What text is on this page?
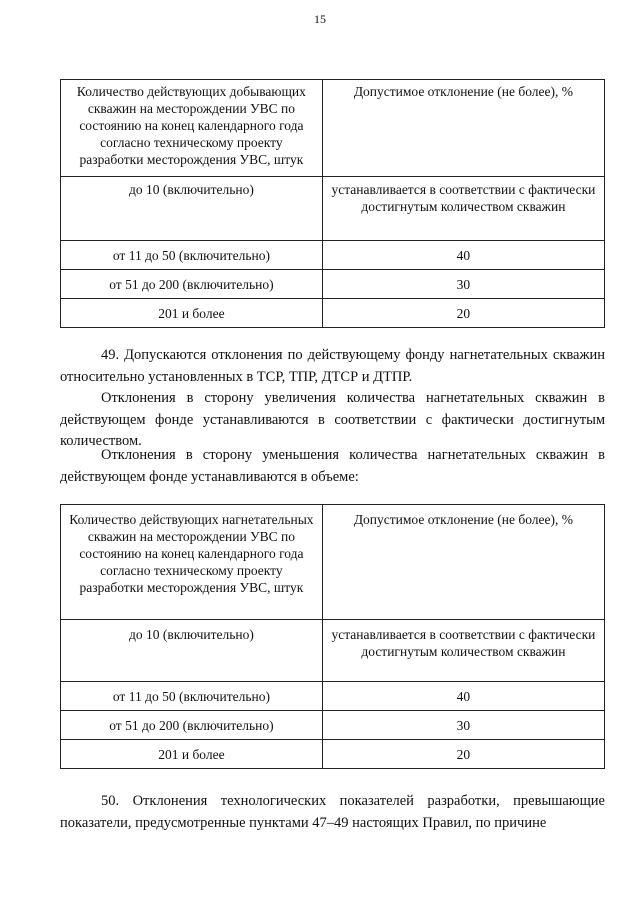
15
Количество действующих добывающих скважин на месторождении УВС по состоянию на конец календарного года согласно техническому проекту разработки месторождения УВС, штук	Допустимое отклонение (не более), %
до 10 (включительно)	устанавливается в соответствии с фактически достигнутым количеством скважин
от 11 до 50 (включительно)	40
от 51 до 200 (включительно)	30
201 и более	20

49. Допускаются отклонения по действующему фонду нагнетательных скважин относительно установленных в ТСР, ТПР, ДТСР и ДТПР.

Отклонения в сторону увеличения количества нагнетательных скважин в действующем фонде устанавливаются в соответствии с фактически достигнутым количеством.

Отклонения в сторону уменьшения количества нагнетательных скважин в действующем фонде устанавливаются в объеме:

Количество действующих нагнетательных скважин на месторождении УВС по состоянию на конец календарного года согласно техническому проекту разработки месторождения УВС, штук	Допустимое отклонение (не более), %
до 10 (включительно)	устанавливается в соответствии с фактически достигнутым количеством скважин
от 11 до 50 (включительно)	40
от 51 до 200 (включительно)	30
201 и более	20

50. Отклонения технологических показателей разработки, превышающие показатели, предусмотренные пунктами 47–49 настоящих Правил, по причине
